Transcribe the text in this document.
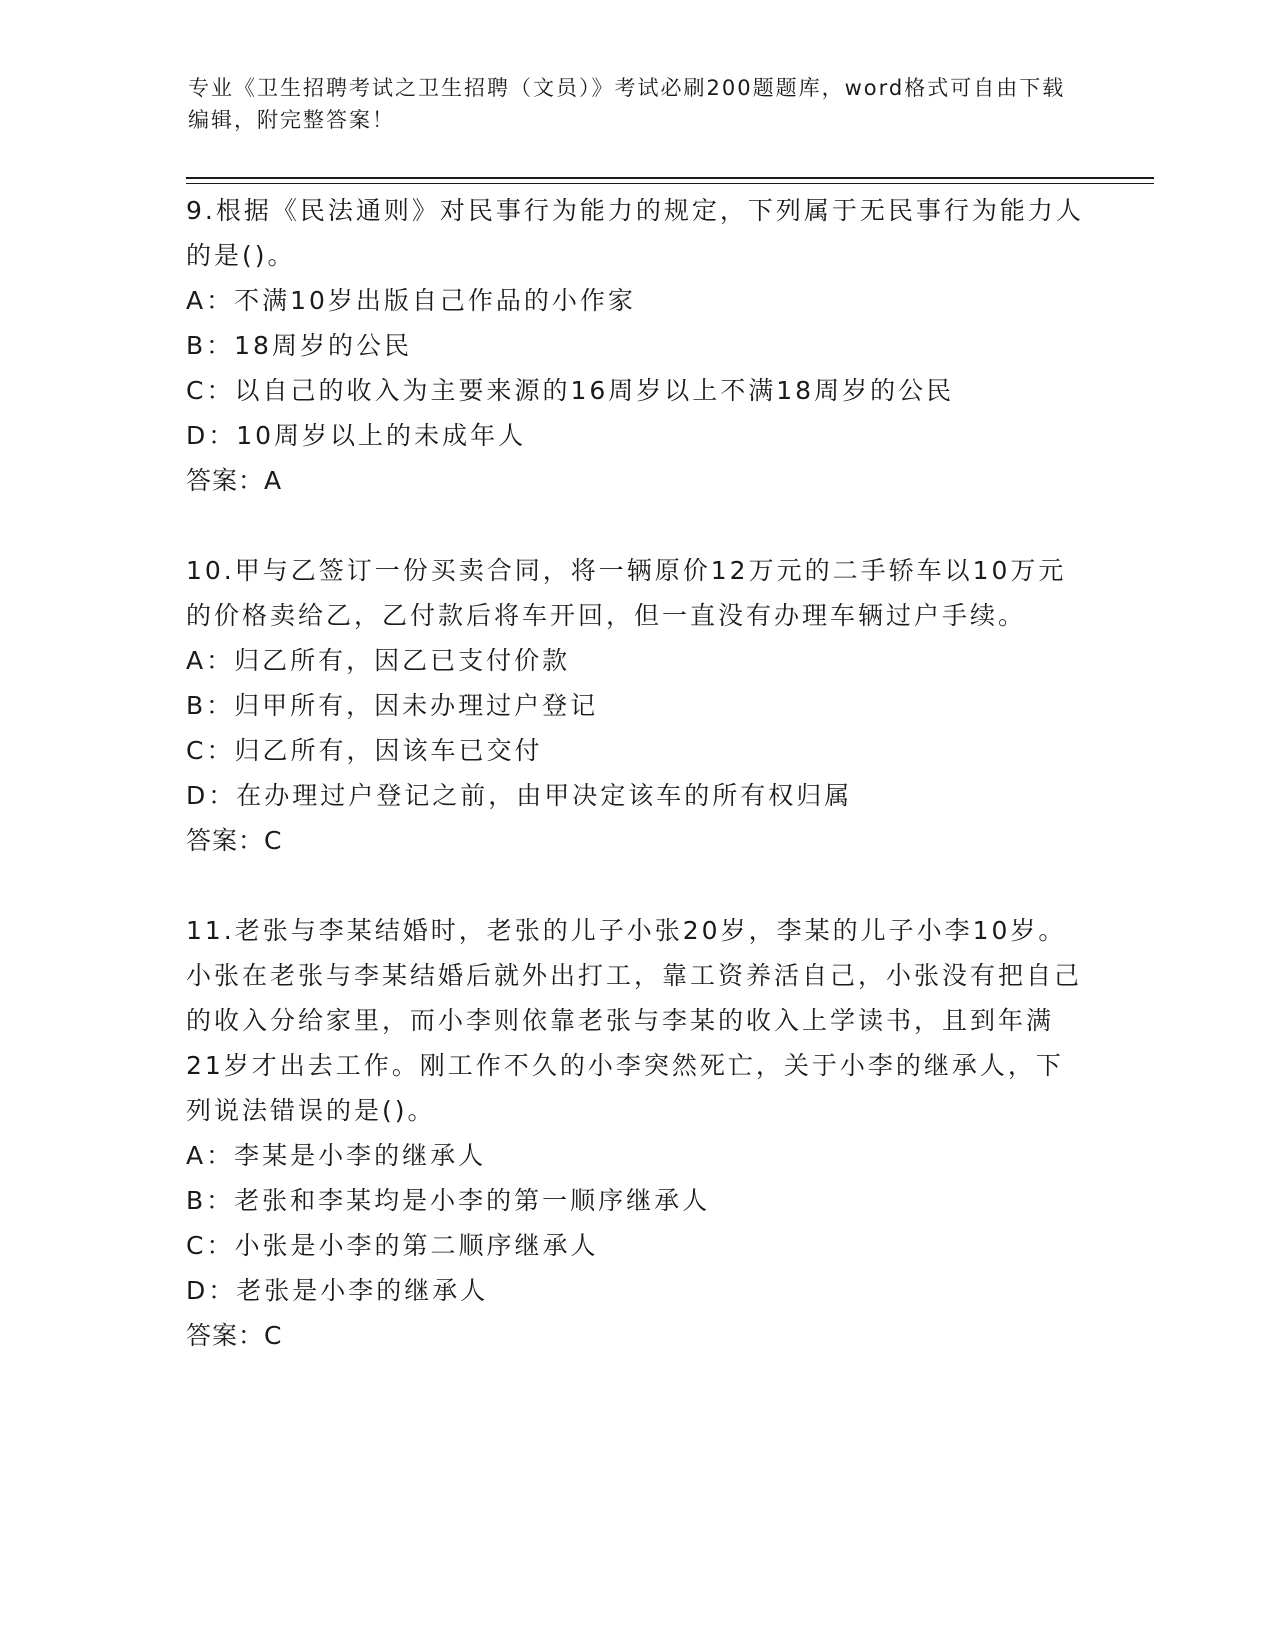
专业《卫生招聘考试之卫生招聘（文员）》考试必刷200题题库，word格式可自由下载编辑，附完整答案！
9.根据《民法通则》对民事行为能力的规定，下列属于无民事行为能力人的是()。
A：不满10岁出版自己作品的小作家
B：18周岁的公民
C：以自己的收入为主要来源的16周岁以上不满18周岁的公民
D：10周岁以上的未成年人
答案：A
10.甲与乙签订一份买卖合同，将一辆原价12万元的二手轿车以10万元的价格卖给乙，乙付款后将车开回，但一直没有办理车辆过户手续。
A：归乙所有，因乙已支付价款
B：归甲所有，因未办理过户登记
C：归乙所有，因该车已交付
D：在办理过户登记之前，由甲决定该车的所有权归属
答案：C
11.老张与李某结婚时，老张的儿子小张20岁，李某的儿子小李10岁。小张在老张与李某结婚后就外出打工，靠工资养活自己，小张没有把自己的收入分给家里，而小李则依靠老张与李某的收入上学读书，且到年满21岁才出去工作。刚工作不久的小李突然死亡，关于小李的继承人，下列说法错误的是()。
A：李某是小李的继承人
B：老张和李某均是小李的第一顺序继承人
C：小张是小李的第二顺序继承人
D：老张是小李的继承人
答案：C
